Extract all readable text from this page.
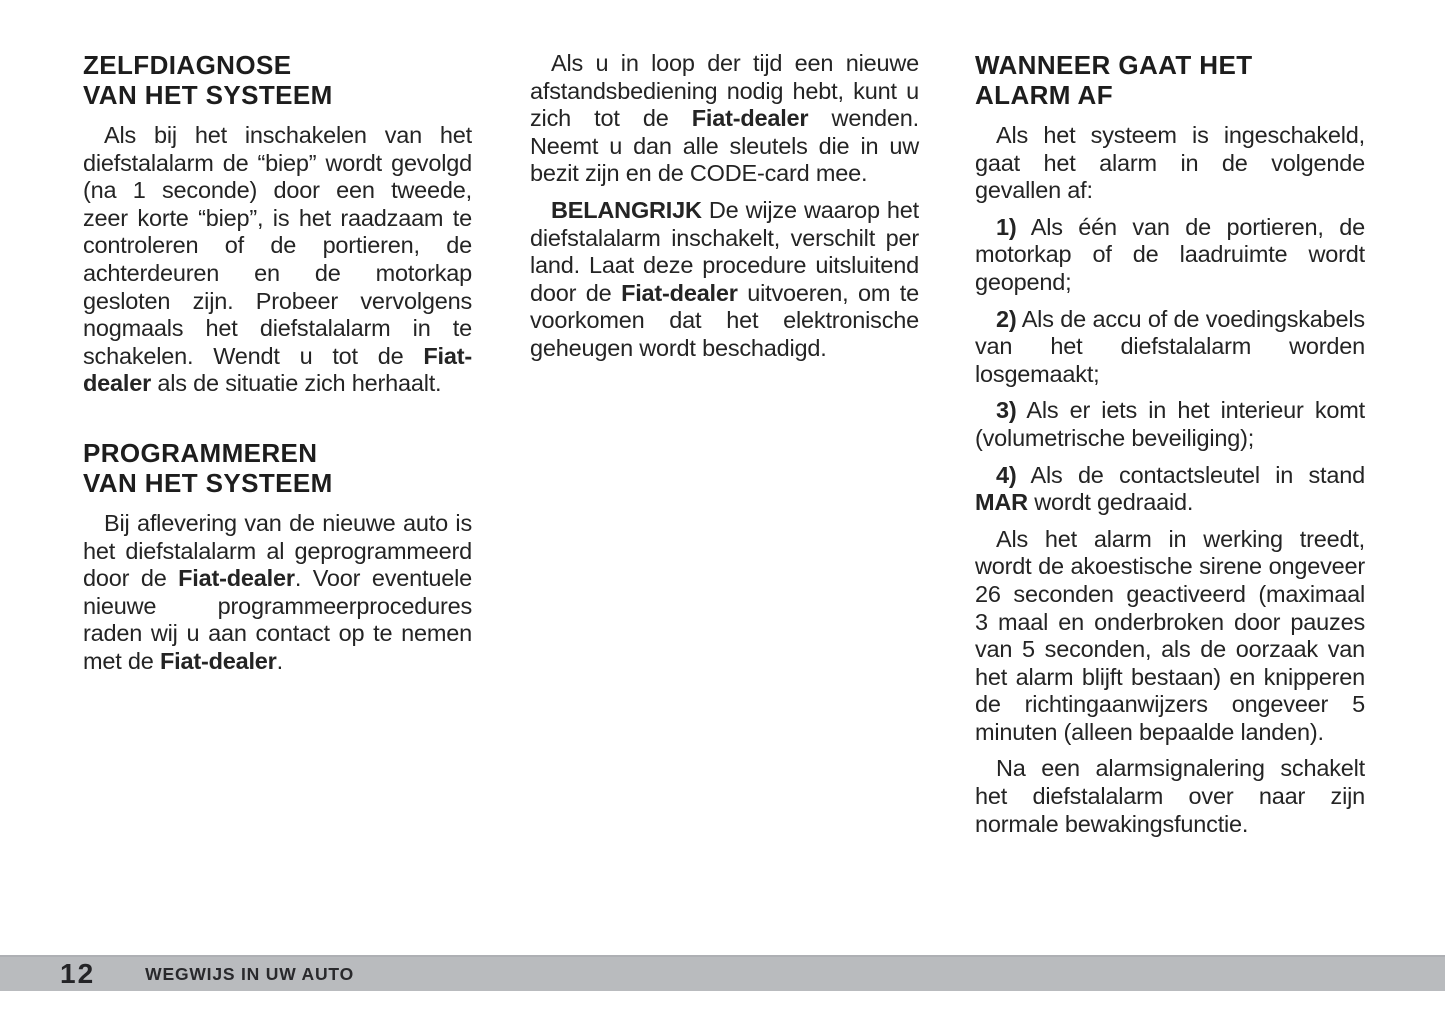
ZELFDIAGNOSE
VAN HET SYSTEEM

Als bij het inschakelen van het diefstalalarm de “biep” wordt gevolgd (na 1 seconde) door een tweede, zeer korte “biep”, is het raadzaam te controleren of de portieren, de achterdeuren en de motorkap gesloten zijn. Probeer vervolgens nogmaals het diefstalalarm in te schakelen. Wendt u tot de Fiat-dealer als de situatie zich herhaalt.

PROGRAMMEREN
VAN HET SYSTEEM

Bij aflevering van de nieuwe auto is het diefstalalarm al geprogrammeerd door de Fiat-dealer. Voor eventuele nieuwe programmeerprocedures raden wij u aan contact op te nemen met de Fiat-dealer.

Als u in loop der tijd een nieuwe afstandsbediening nodig hebt, kunt u zich tot de Fiat-dealer wenden. Neemt u dan alle sleutels die in uw bezit zijn en de CODE-card mee.

BELANGRIJK De wijze waarop het diefstalalarm inschakelt, verschilt per land. Laat deze procedure uitsluitend door de Fiat-dealer uitvoeren, om te voorkomen dat het elektronische geheugen wordt beschadigd.

WANNEER GAAT HET
ALARM AF

Als het systeem is ingeschakeld, gaat het alarm in de volgende gevallen af:

1) Als één van de portieren, de motorkap of de laadruimte wordt geopend;

2) Als de accu of de voedingskabels van het diefstalalarm worden losgemaakt;

3) Als er iets in het interieur komt (volumetrische beveiliging);

4) Als de contactsleutel in stand MAR wordt gedraaid.

Als het alarm in werking treedt, wordt de akoestische sirene ongeveer 26 seconden geactiveerd (maximaal 3 maal en onderbroken door pauzes van 5 seconden, als de oorzaak van het alarm blijft bestaan) en knipperen de richtingaanwijzers ongeveer 5 minuten (alleen bepaalde landen).

Na een alarmsignalering schakelt het diefstalalarm over naar zijn normale bewakingsfunctie.

12	WEGWIJS IN UW AUTO
